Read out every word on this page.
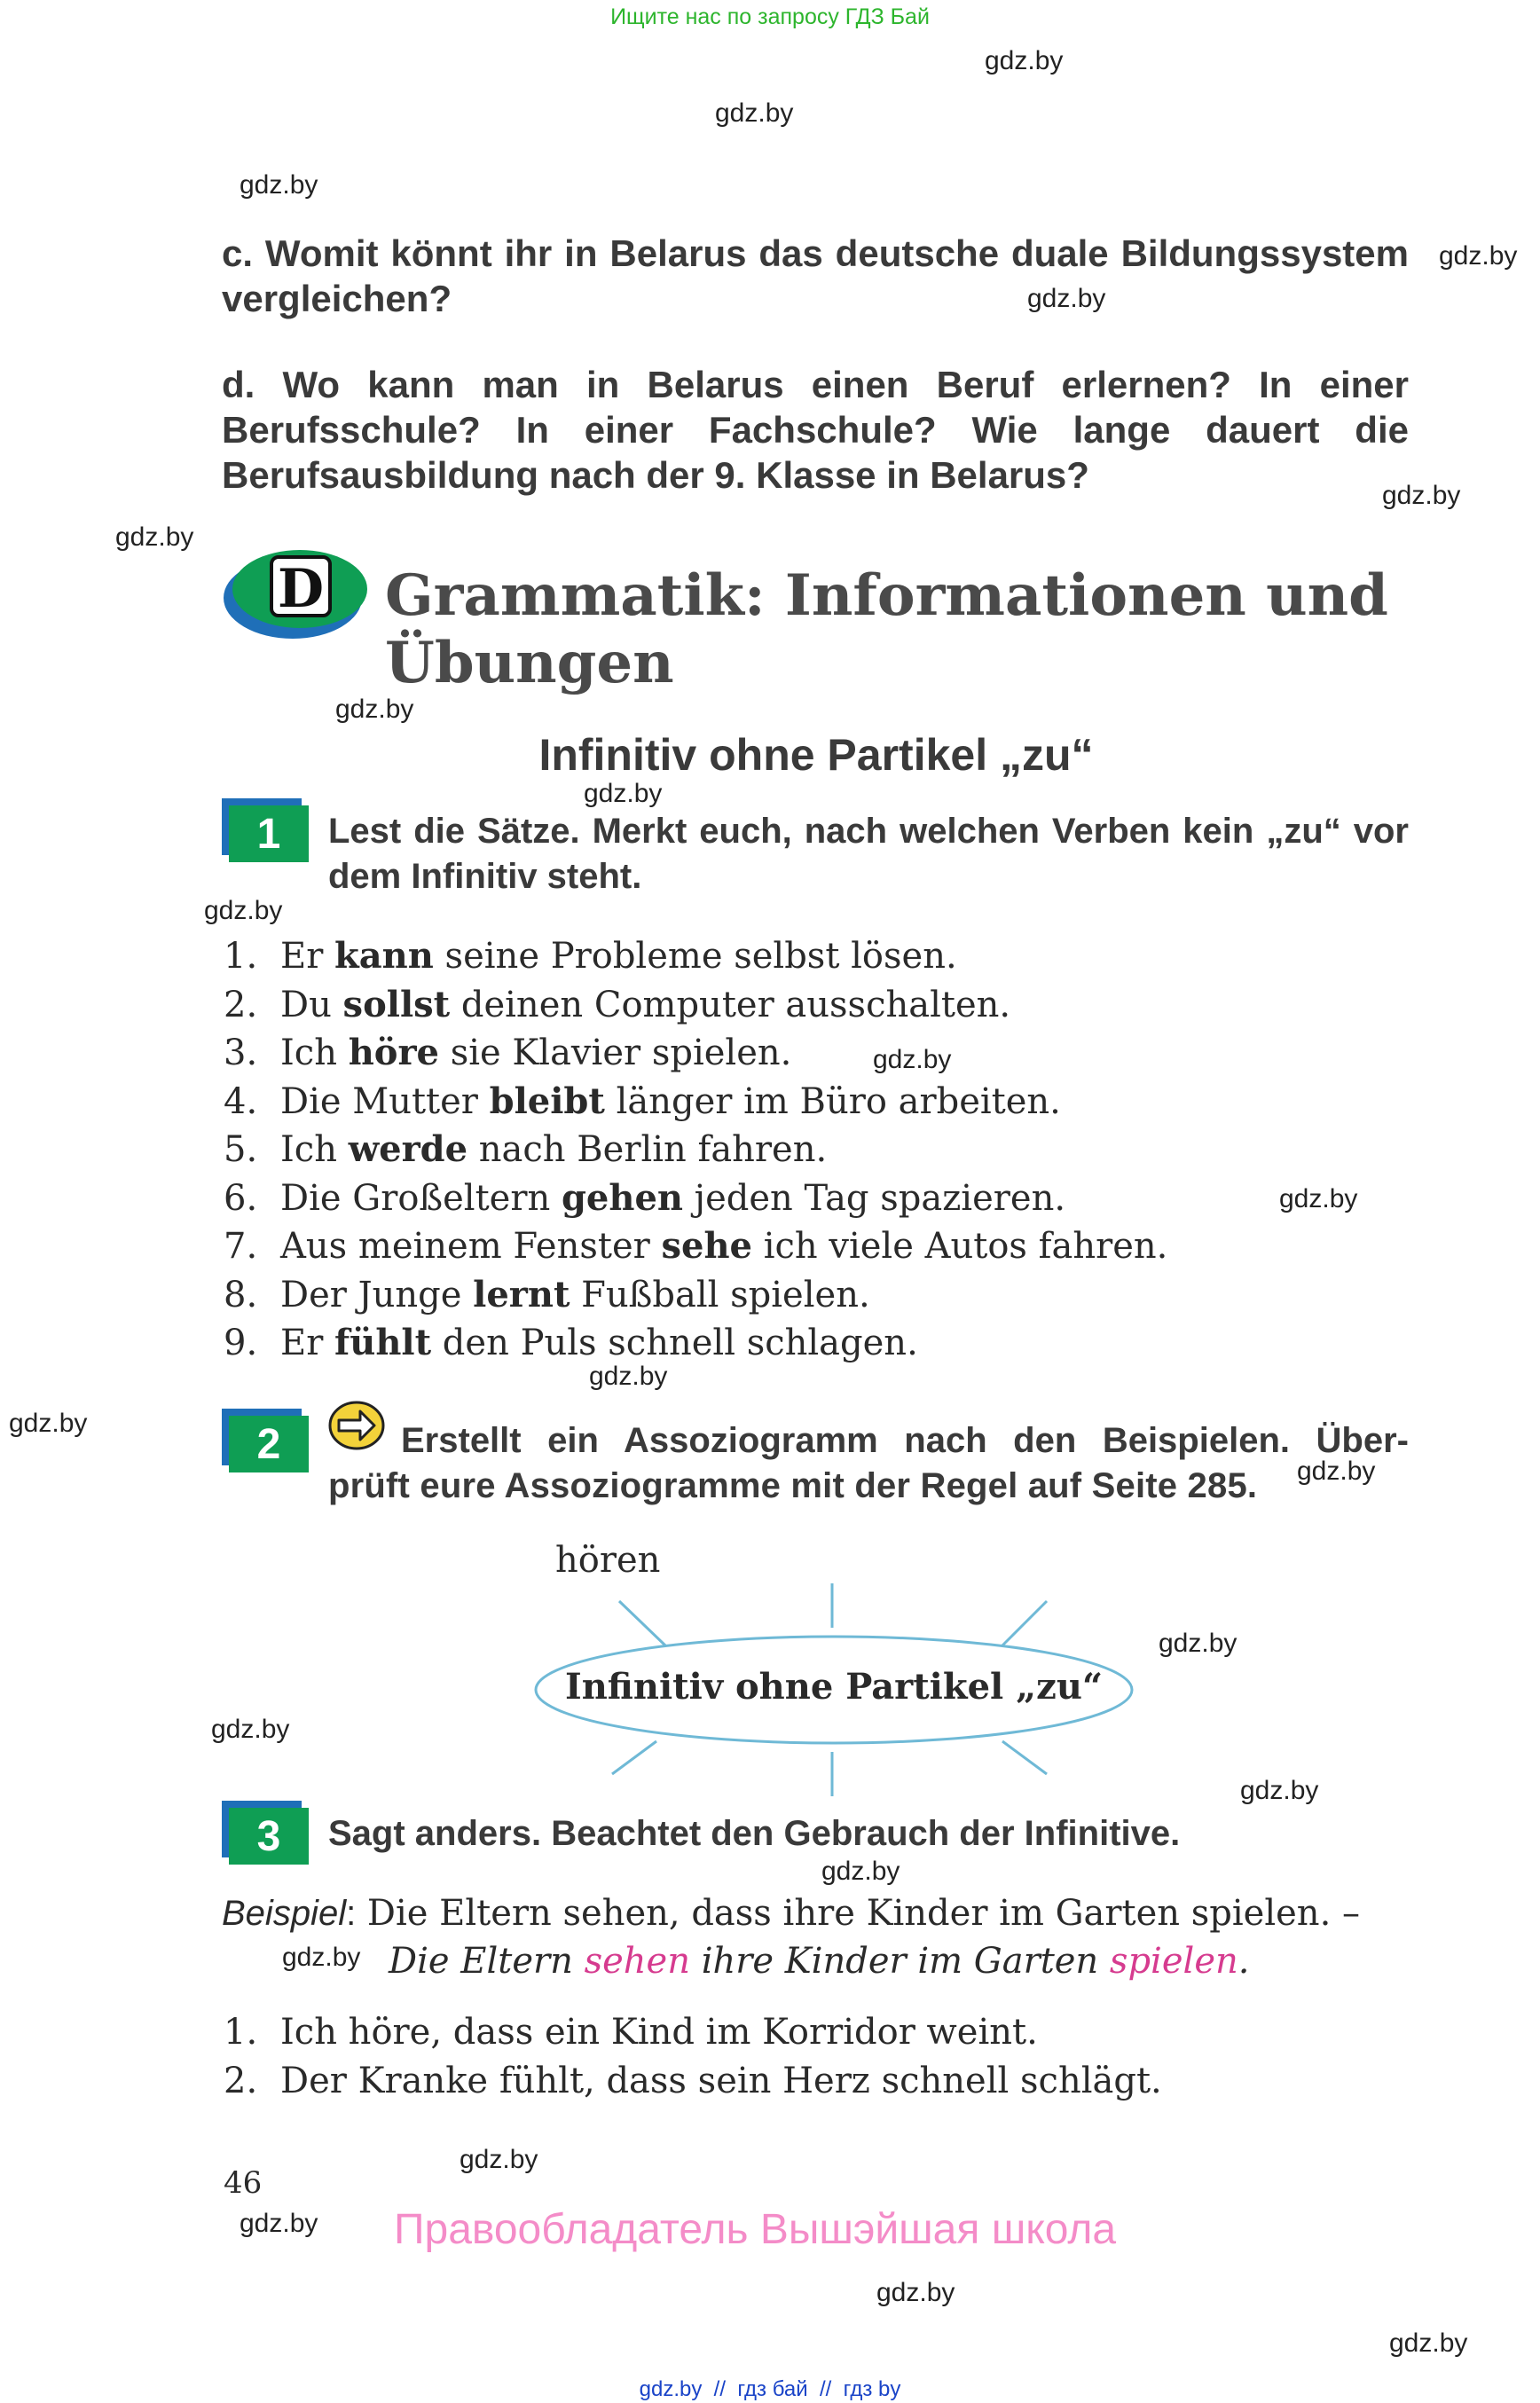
Ищите нас по запросу ГДЗ Бай
gdz.by
gdz.by
gdz.by
gdz.by
gdz.by
gdz.by
gdz.by
gdz.by
gdz.by
gdz.by
gdz.by
gdz.by
gdz.by
gdz.by
gdz.by
gdz.by
gdz.by
gdz.by
gdz.by
gdz.by
gdz.by
gdz.by
gdz.by
gdz.by
c. Womit könnt ihr in Belarus das deutsche duale Bildungssystem vergleichen?
d. Wo kann man in Belarus einen Beruf erlernen? In einer Berufsschule? In einer Fachschule? Wie lange dauert die Berufsausbildung nach der 9. Klasse in Belarus?
D Grammatik: Informationen und
Übungen
Infinitiv ohne Partikel „zu“
1	Lest die Sätze. Merkt euch, nach welchen Verben kein „zu“ vor dem Infinitiv steht.
1. Er kann seine Probleme selbst lösen.
2. Du sollst deinen Computer ausschalten.
3. Ich höre sie Klavier spielen.
4. Die Mutter bleibt länger im Büro arbeiten.
5. Ich werde nach Berlin fahren.
6. Die Großeltern gehen jeden Tag spazieren.
7. Aus meinem Fenster sehe ich viele Autos fahren.
8. Der Junge lernt Fußball spielen.
9. Er fühlt den Puls schnell schlagen.
2	Erstellt ein Assoziogramm nach den Beispielen. Über-
prüft eure Assoziogramme mit der Regel auf Seite 285.
hören
Infinitiv ohne Partikel „zu“
3	Sagt anders. Beachtet den Gebrauch der Infinitive.
Beispiel: Die Eltern sehen, dass ihre Kinder im Garten spielen. –
Die Eltern sehen ihre Kinder im Garten spielen.
1. Ich höre, dass ein Kind im Korridor weint.
2. Der Kranke fühlt, dass sein Herz schnell schlägt.
46
Правообладатель Вышэйшая школа
gdz.by  //  гдз бай  //  гдз by
